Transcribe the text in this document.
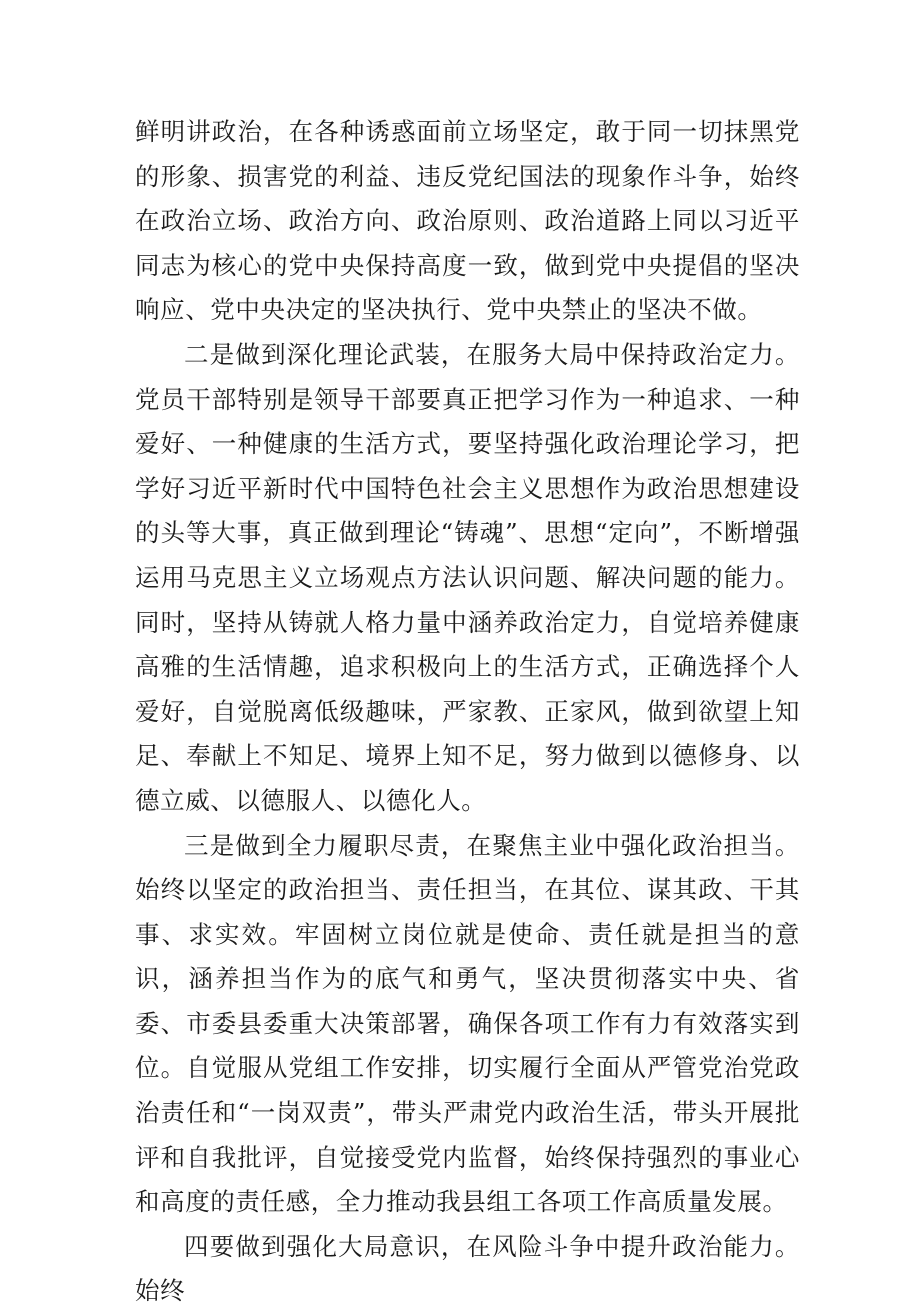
鲜明讲政治，在各种诱惑面前立场坚定，敢于同一切抹黑党的形象、损害党的利益、违反党纪国法的现象作斗争，始终在政治立场、政治方向、政治原则、政治道路上同以习近平同志为核心的党中央保持高度一致，做到党中央提倡的坚决响应、党中央决定的坚决执行、党中央禁止的坚决不做。

二是做到深化理论武装，在服务大局中保持政治定力。党员干部特别是领导干部要真正把学习作为一种追求、一种爱好、一种健康的生活方式，要坚持强化政治理论学习，把学好习近平新时代中国特色社会主义思想作为政治思想建设的头等大事，真正做到理论“铸魂”、思想“定向”，不断增强运用马克思主义立场观点方法认识问题、解决问题的能力。同时，坚持从铸就人格力量中涵养政治定力，自觉培养健康高雅的生活情趣，追求积极向上的生活方式，正确选择个人爱好，自觉脱离低级趣味，严家教、正家风，做到欲望上知足、奉献上不知足、境界上知不足，努力做到以德修身、以德立威、以德服人、以德化人。

三是做到全力履职尽责，在聚焦主业中强化政治担当。始终以坚定的政治担当、责任担当，在其位、谋其政、干其事、求实效。牢固树立岗位就是使命、责任就是担当的意识，涵养担当作为的底气和勇气，坚决贯彻落实中央、省委、市委县委重大决策部署，确保各项工作有力有效落实到位。自觉服从党组工作安排，切实履行全面从严管党治党政治责任和“一岗双责”，带头严肃党内政治生活，带头开展批评和自我批评，自觉接受党内监督，始终保持强烈的事业心和高度的责任感，全力推动我县组工各项工作高质量发展。

四要做到强化大局意识，在风险斗争中提升政治能力。始终
